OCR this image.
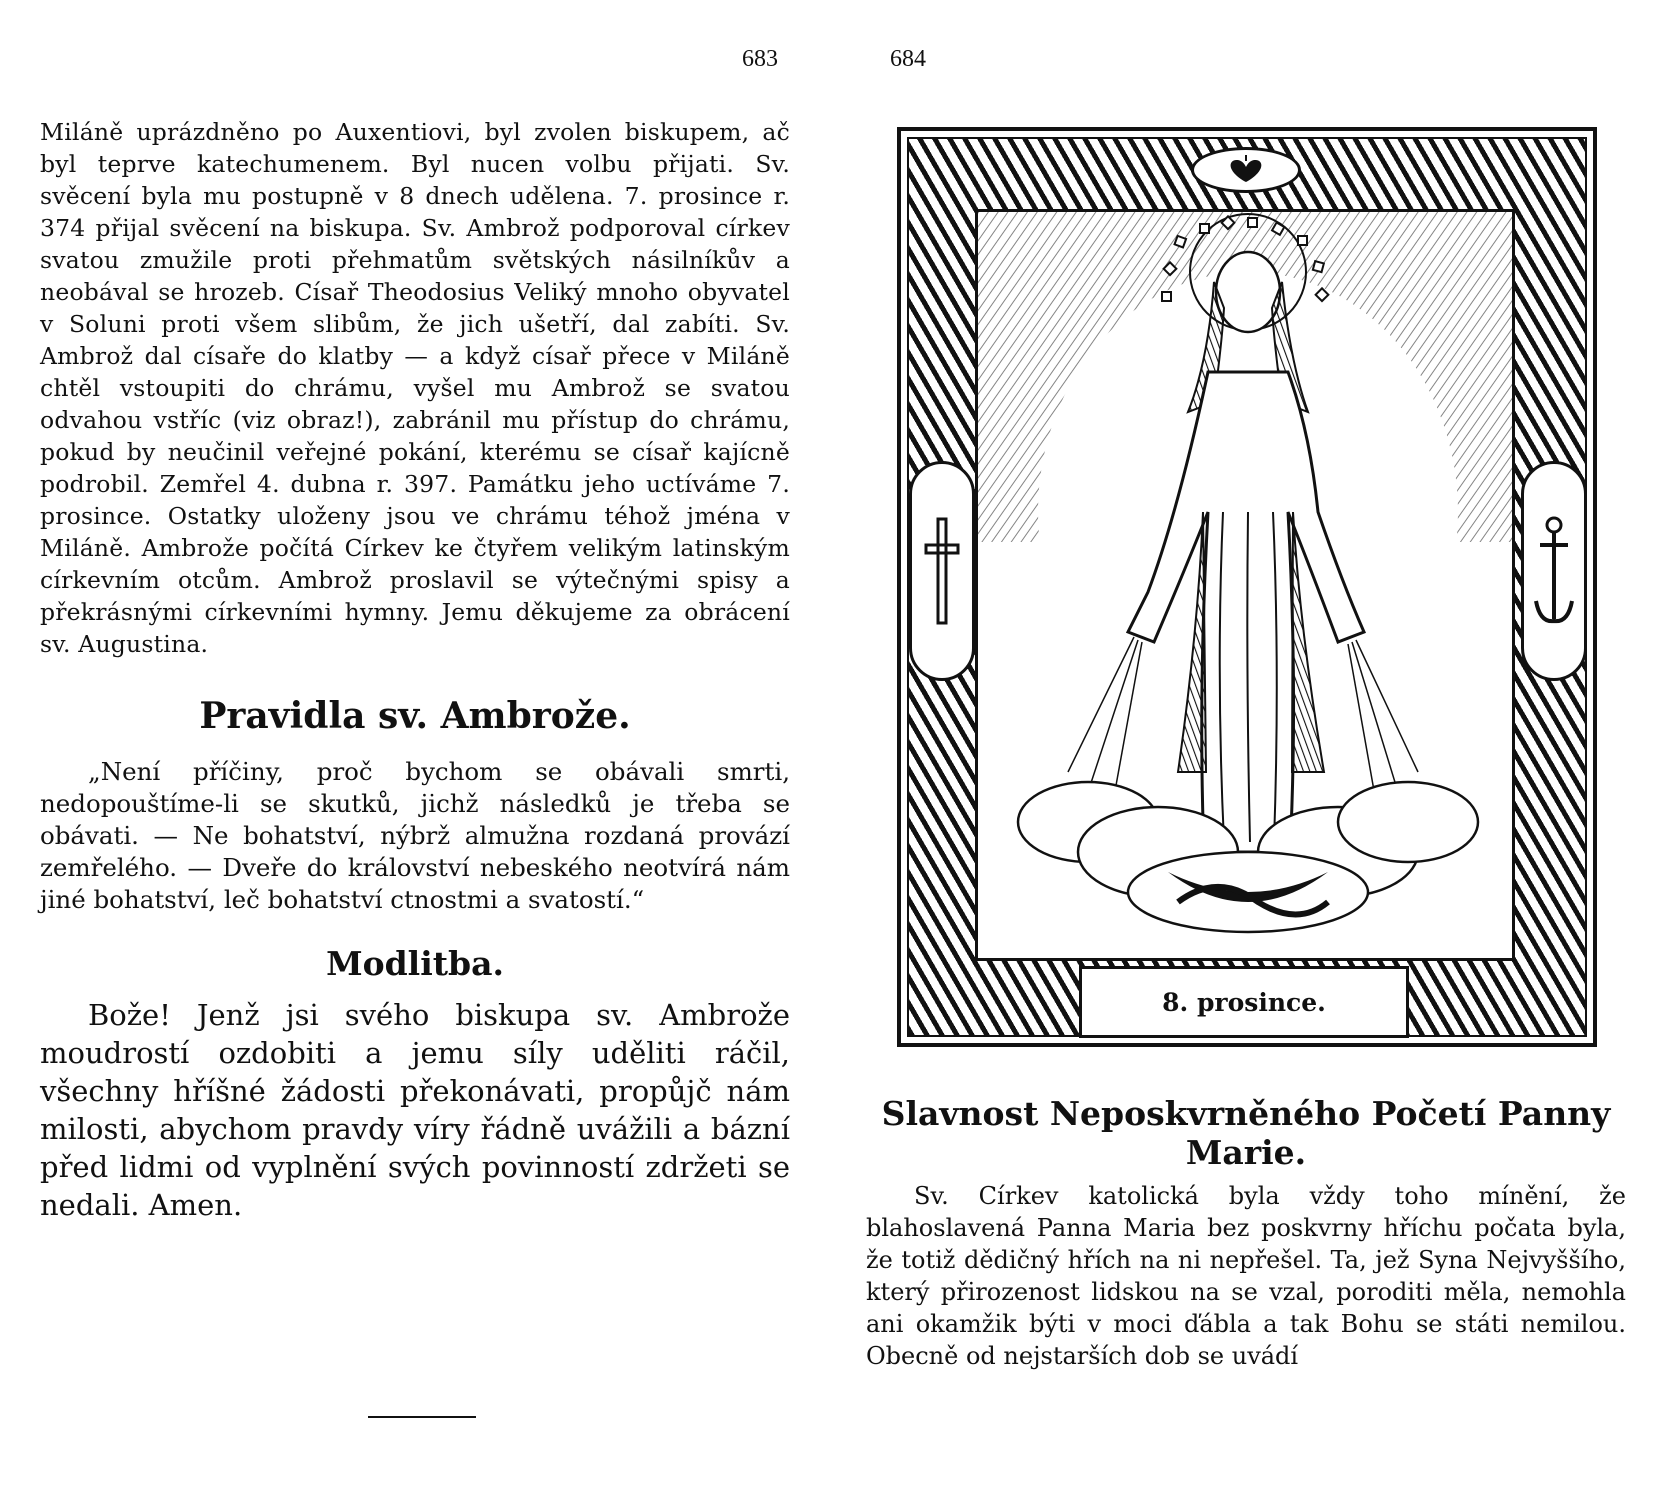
683	684

Miláně uprázdněno po Auxentiovi, byl zvolen biskupem, ač byl teprve katechumenem. Byl nucen volbu přijati. Sv. svěcení byla mu postupně v 8 dnech udělena. 7. prosince r. 374 přijal svěcení na biskupa. Sv. Ambrož podporoval církev svatou zmužile proti přehmatům světských násilníkův a neobával se hrozeb. Císař Theodosius Veliký mnoho obyvatel v Soluni proti všem slibům, že jich ušetří, dal zabíti. Sv. Ambrož dal císaře do klatby — a když císař přece v Miláně chtěl vstoupiti do chrámu, vyšel mu Ambrož se svatou odvahou vstříc (viz obraz!), zabránil mu přístup do chrámu, pokud by neučinil veřejné pokání, kterému se císař kajícně podrobil. Zemřel 4. dubna r. 397. Památku jeho uctíváme 7. prosince. Ostatky uloženy jsou ve chrámu téhož jména v Miláně. Ambrože počítá Církev ke čtyřem velikým latinským církevním otcům. Ambrož proslavil se výtečnými spisy a překrásnými církevními hymny. Jemu děkujeme za obrácení sv. Augustina.

Pravidla sv. Ambrože.

„Není příčiny, proč bychom se obávali smrti, nedopouštíme-li se skutků, jichž následků je třeba se obávati. — Ne bohatství, nýbrž almužna rozdaná provází zemřelého. — Dveře do království nebeského neotvírá nám jiné bohatství, leč bohatství ctnostmi a svatostí.“

Modlitba.

Bože! Jenž jsi svého biskupa sv. Ambrože moudrostí ozdobiti a jemu síly uděliti ráčil, všechny hříšné žádosti překonávati, propůjč nám milosti, abychom pravdy víry řádně uvážili a bázní před lidmi od vyplnění svých povinností zdržeti se nedali. Amen.

8. prosince.
Slavnost Neposkvrněného Početí Panny Marie.

Sv. Církev katolická byla vždy toho mínění, že blahoslavená Panna Maria bez poskvrny hříchu počata byla, že totiž dědičný hřích na ni nepřešel. Ta, jež Syna Nejvyššího, který přirozenost lidskou na se vzal, poroditi měla, nemohla ani okamžik býti v moci ďábla a tak Bohu se státi nemilou. Obecně od nejstarších dob se uvádí
